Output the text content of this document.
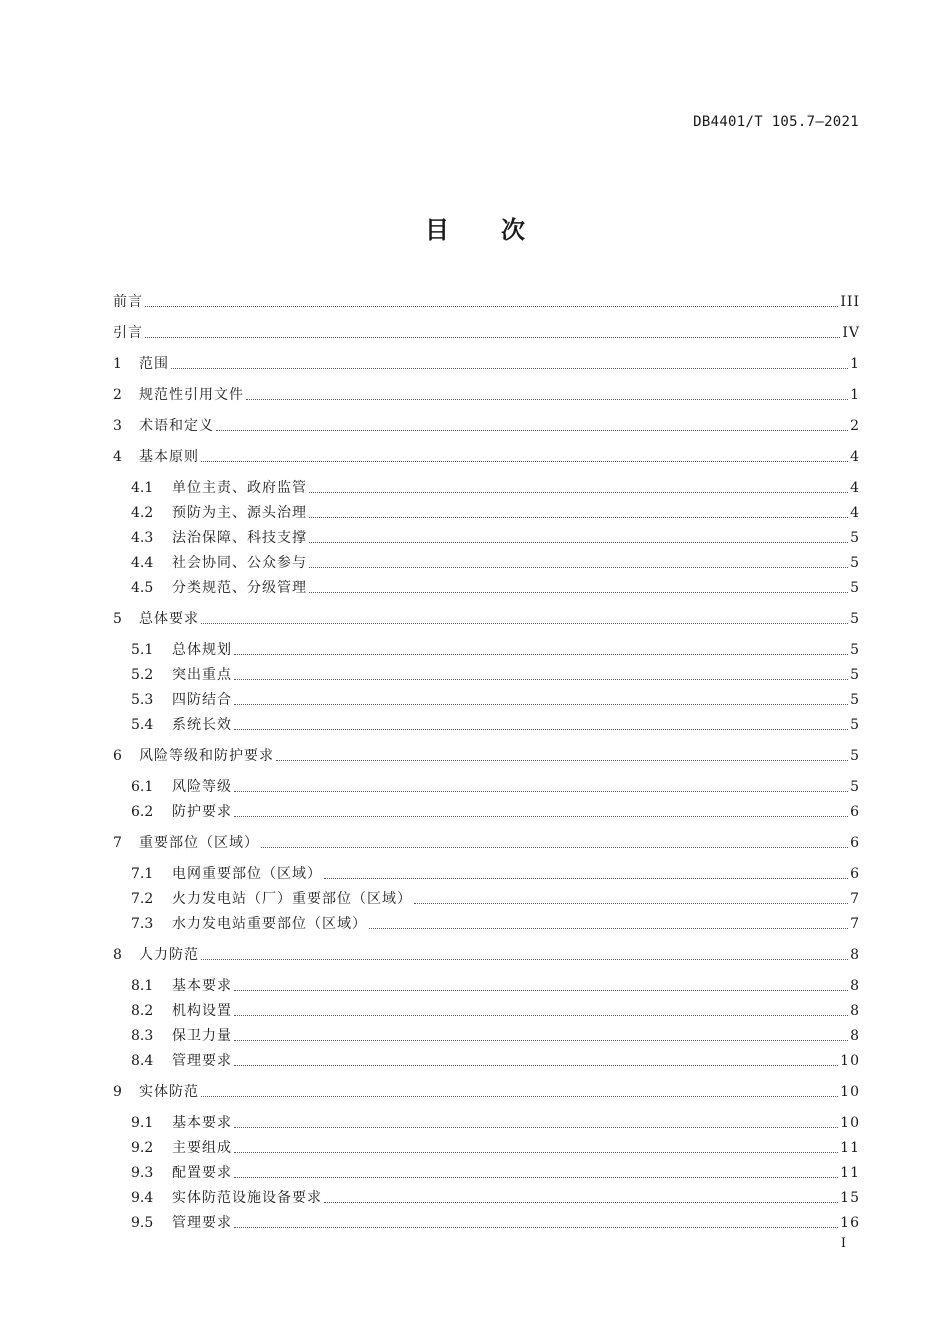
DB4401/T 105.7—2021
目次
前言	III
引言	IV
1	范围	1
2	规范性引用文件	1
3	术语和定义	2
4	基本原则	4
4.1	单位主责、政府监管	4
4.2	预防为主、源头治理	4
4.3	法治保障、科技支撑	5
4.4	社会协同、公众参与	5
4.5	分类规范、分级管理	5
5	总体要求	5
5.1	总体规划	5
5.2	突出重点	5
5.3	四防结合	5
5.4	系统长效	5
6	风险等级和防护要求	5
6.1	风险等级	5
6.2	防护要求	6
7	重要部位（区域）	6
7.1	电网重要部位（区域）	6
7.2	火力发电站（厂）重要部位（区域）	7
7.3	水力发电站重要部位（区域）	7
8	人力防范	8
8.1	基本要求	8
8.2	机构设置	8
8.3	保卫力量	8
8.4	管理要求	10
9	实体防范	10
9.1	基本要求	10
9.2	主要组成	11
9.3	配置要求	11
9.4	实体防范设施设备要求	15
9.5	管理要求	16
I
